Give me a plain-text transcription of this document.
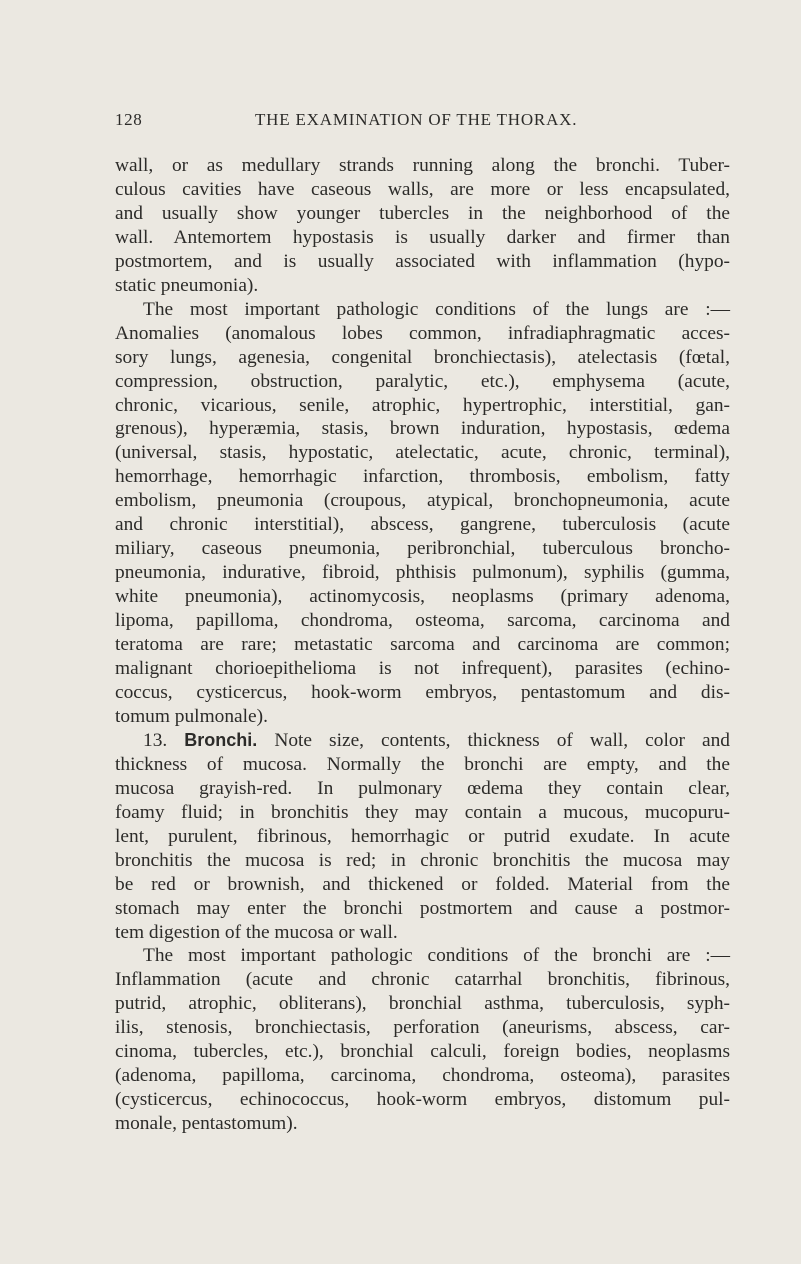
128	THE EXAMINATION OF THE THORAX.

wall, or as medullary strands running along the bronchi. Tuber-
culous cavities have caseous walls, are more or less encapsulated,
and usually show younger tubercles in the neighborhood of the
wall. Antemortem hypostasis is usually darker and firmer than
postmortem, and is usually associated with inflammation (hypo-
static pneumonia).

The most important pathologic conditions of the lungs are :—
Anomalies (anomalous lobes common, infradiaphragmatic acces-
sory lungs, agenesia, congenital bronchiectasis), atelectasis (fœtal,
compression, obstruction, paralytic, etc.), emphysema (acute,
chronic, vicarious, senile, atrophic, hypertrophic, interstitial, gan-
grenous), hyperæmia, stasis, brown induration, hypostasis, œdema
(universal, stasis, hypostatic, atelectatic, acute, chronic, terminal),
hemorrhage, hemorrhagic infarction, thrombosis, embolism, fatty
embolism, pneumonia (croupous, atypical, bronchopneumonia, acute
and chronic interstitial), abscess, gangrene, tuberculosis (acute
miliary, caseous pneumonia, peribronchial, tuberculous broncho-
pneumonia, indurative, fibroid, phthisis pulmonum), syphilis (gumma,
white pneumonia), actinomycosis, neoplasms (primary adenoma,
lipoma, papilloma, chondroma, osteoma, sarcoma, carcinoma and
teratoma are rare; metastatic sarcoma and carcinoma are common;
malignant chorioepithelioma is not infrequent), parasites (echino-
coccus, cysticercus, hook-worm embryos, pentastomum and dis-
tomum pulmonale).

13. Bronchi. Note size, contents, thickness of wall, color and
thickness of mucosa. Normally the bronchi are empty, and the
mucosa grayish-red. In pulmonary œdema they contain clear,
foamy fluid; in bronchitis they may contain a mucous, mucopuru-
lent, purulent, fibrinous, hemorrhagic or putrid exudate. In acute
bronchitis the mucosa is red; in chronic bronchitis the mucosa may
be red or brownish, and thickened or folded. Material from the
stomach may enter the bronchi postmortem and cause a postmor-
tem digestion of the mucosa or wall.

The most important pathologic conditions of the bronchi are :—
Inflammation (acute and chronic catarrhal bronchitis, fibrinous,
putrid, atrophic, obliterans), bronchial asthma, tuberculosis, syph-
ilis, stenosis, bronchiectasis, perforation (aneurisms, abscess, car-
cinoma, tubercles, etc.), bronchial calculi, foreign bodies, neoplasms
(adenoma, papilloma, carcinoma, chondroma, osteoma), parasites
(cysticercus, echinococcus, hook-worm embryos, distomum pul-
monale, pentastomum).
